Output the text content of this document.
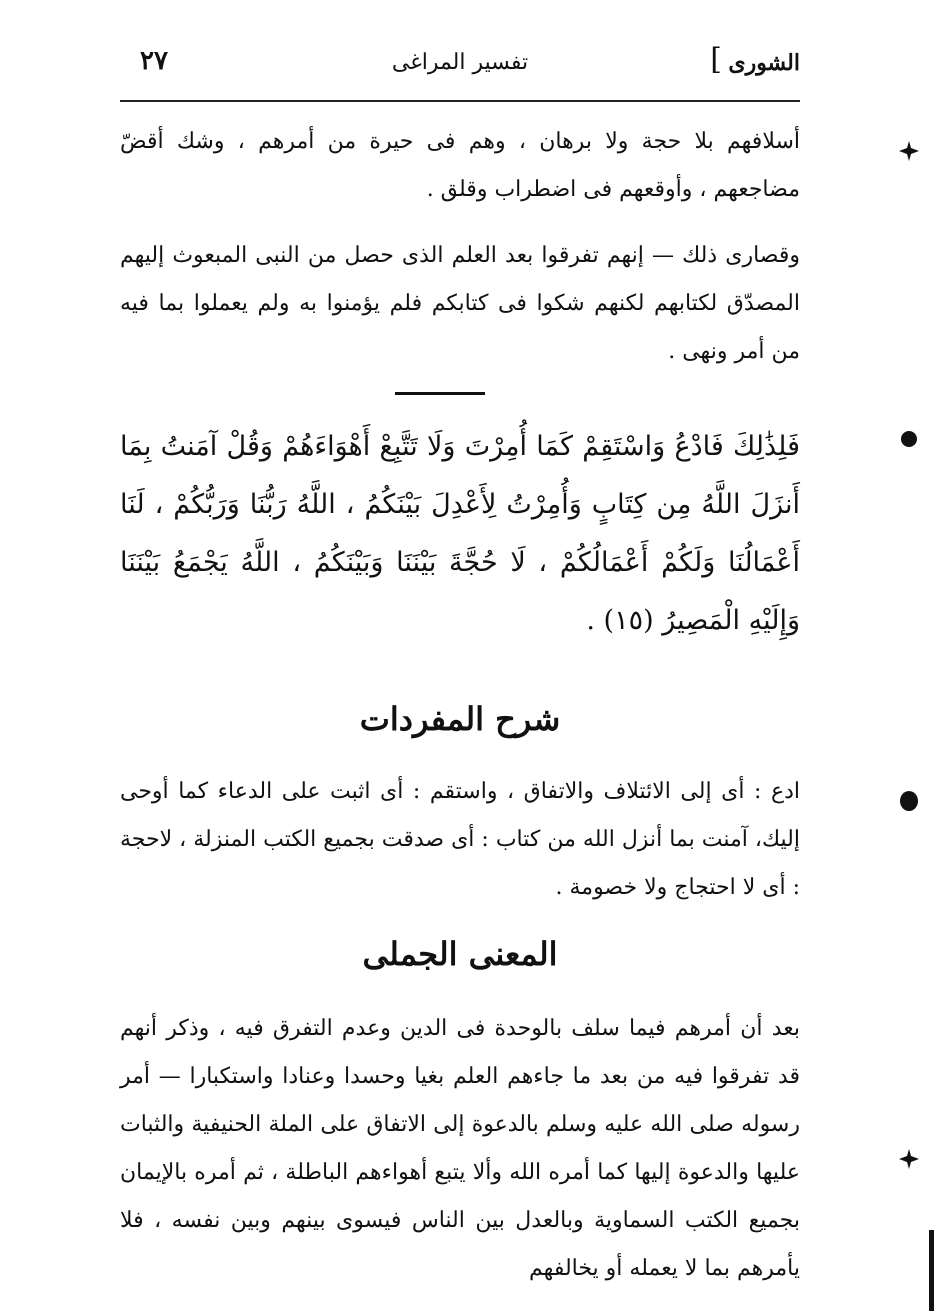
الشورى
]
تفسير المراغى
٢٧

أسلافهم بلا حجة ولا برهان ، وهم فى حيرة من أمرهم ، وشك أقضّ مضاجعهم ، وأوقعهم فى اضطراب وقلق .

وقصارى ذلك — إنهم تفرقوا بعد العلم الذى حصل من النبى المبعوث إليهم المصدّق لكتابهم لكنهم شكوا فى كتابكم فلم يؤمنوا به ولم يعملوا بما فيه من أمر ونهى .

فَلِذَٰلِكَ فَادْعُ وَاسْتَقِمْ كَمَا أُمِرْتَ وَلَا تَتَّبِعْ أَهْوَاءَهُمْ وَقُلْ آمَنتُ بِمَا أَنزَلَ اللَّهُ مِن كِتَابٍ وَأُمِرْتُ لِأَعْدِلَ بَيْنَكُمُ ، اللَّهُ رَبُّنَا وَرَبُّكُمْ ، لَنَا أَعْمَالُنَا وَلَكُمْ أَعْمَالُكُمْ ، لَا حُجَّةَ بَيْنَنَا وَبَيْنَكُمُ ، اللَّهُ يَجْمَعُ بَيْنَنَا وَإِلَيْهِ الْمَصِيرُ (١٥) .

شرح المفردات

ادع : أى إلى الائتلاف والاتفاق ، واستقم : أى اثبت على الدعاء كما أوحى إليك، آمنت بما أنزل الله من كتاب : أى صدقت بجميع الكتب المنزلة ، لاحجة : أى لا احتجاج ولا خصومة .

المعنى الجملى

بعد أن أمرهم فيما سلف بالوحدة فى الدين وعدم التفرق فيه ، وذكر أنهم قد تفرقوا فيه من بعد ما جاءهم العلم بغيا وحسدا وعنادا واستكبارا — أمر رسوله صلى الله عليه وسلم بالدعوة إلى الاتفاق على الملة الحنيفية والثبات عليها والدعوة إليها كما أمره الله وألا يتبع أهواءهم الباطلة ، ثم أمره بالإيمان بجميع الكتب السماوية وبالعدل بين الناس فيسوى بينهم وبين نفسه ، فلا يأمرهم بما لا يعمله أو يخالفهم
